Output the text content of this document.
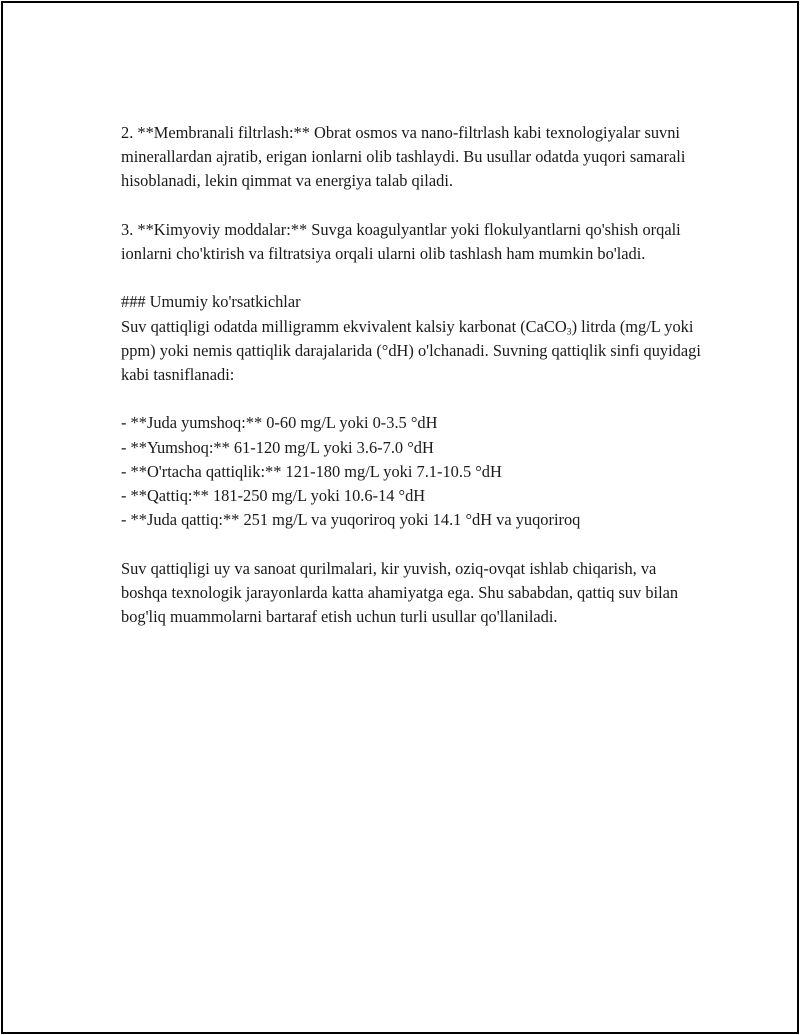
2. **Membranali filtrlash:** Obrat osmos va nano-filtrlash kabi texnologiyalar suvni minerallardan ajratib, erigan ionlarni olib tashlaydi. Bu usullar odatda yuqori samarali hisoblanadi, lekin qimmat va energiya talab qiladi.

3. **Kimyoviy moddalar:** Suvga koagulyantlar yoki flokulyantlarni qo'shish orqali ionlarni cho'ktirish va filtratsiya orqali ularni olib tashlash ham mumkin bo'ladi.

### Umumiy ko'rsatkichlar

Suv qattiqligi odatda milligramm ekvivalent kalsiy karbonat (CaCO$_3$) litrda (mg/L yoki ppm) yoki nemis qattiqlik darajalarida (°dH) o'lchanadi. Suvning qattiqlik sinfi quyidagi kabi tasniflanadi:

- **Juda yumshoq:** 0-60 mg/L yoki 0-3.5 °dH

- **Yumshoq:** 61-120 mg/L yoki 3.6-7.0 °dH

- **O'rtacha qattiqlik:** 121-180 mg/L yoki 7.1-10.5 °dH

- **Qattiq:** 181-250 mg/L yoki 10.6-14 °dH

- **Juda qattiq:** 251 mg/L va yuqoriroq yoki 14.1 °dH va yuqoriroq

Suv qattiqligi uy va sanoat qurilmalari, kir yuvish, oziq-ovqat ishlab chiqarish, va boshqa texnologik jarayonlarda katta ahamiyatga ega. Shu sababdan, qattiq suv bilan bog'liq muammolarni bartaraf etish uchun turli usullar qo'llaniladi.
